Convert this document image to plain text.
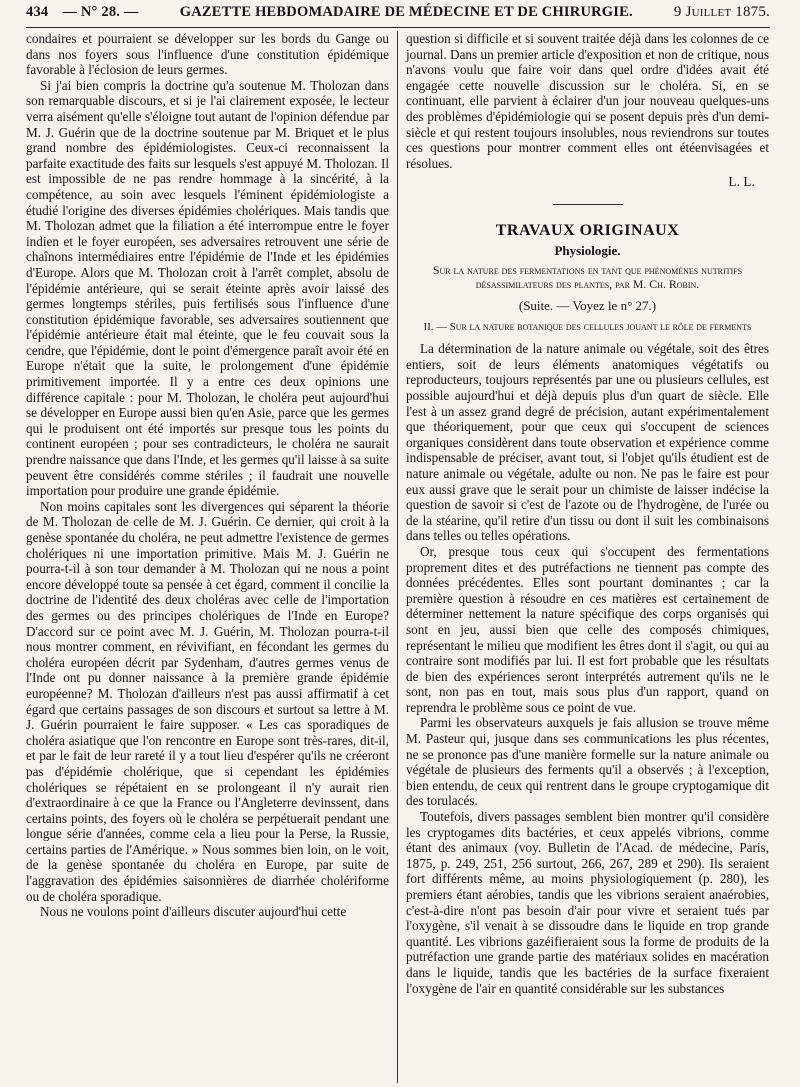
434 — N° 28. —	GAZETTE HEBDOMADAIRE DE MÉDECINE ET DE CHIRURGIE.	9 Juillet 1875.

condaires et pourraient se développer sur les bords du Gange ou dans nos foyers sous l'influence d'une constitution épidémique favorable à l'éclosion de leurs germes.

Si j'ai bien compris la doctrine qu'a soutenue M. Tholozan dans son remarquable discours, et si je l'ai clairement exposée, le lecteur verra aisément qu'elle s'éloigne tout autant de l'opinion défendue par M. J. Guérin que de la doctrine soutenue par M. Briquet et le plus grand nombre des épidémiologistes. Ceux-ci reconnaissent la parfaite exactitude des faits sur lesquels s'est appuyé M. Tholozan. Il est impossible de ne pas rendre hommage à la sincérité, à la compétence, au soin avec lesquels l'éminent épidémiologiste a étudié l'origine des diverses épidémies cholériques. Mais tandis que M. Tholozan admet que la filiation a été interrompue entre le foyer indien et le foyer européen, ses adversaires retrouvent une série de chaînons intermédiaires entre l'épidémie de l'Inde et les épidémies d'Europe. Alors que M. Tholozan croit à l'arrêt complet, absolu de l'épidémie antérieure, qui se serait éteinte après avoir laissé des germes longtemps stériles, puis fertilisés sous l'influence d'une constitution épidémique favorable, ses adversaires soutiennent que l'épidémie antérieure était mal éteinte, que le feu couvait sous la cendre, que l'épidémie, dont le point d'émergence paraît avoir été en Europe n'était que la suite, le prolongement d'une épidémie primitivement importée. Il y a entre ces deux opinions une différence capitale : pour M. Tholozan, le choléra peut aujourd'hui se développer en Europe aussi bien qu'en Asie, parce que les germes qui le produisent ont été importés sur presque tous les points du continent européen ; pour ses contradicteurs, le choléra ne saurait prendre naissance que dans l'Inde, et les germes qu'il laisse à sa suite peuvent être considérés comme stériles ; il faudrait une nouvelle importation pour produire une grande épidémie.

Non moins capitales sont les divergences qui séparent la théorie de M. Tholozan de celle de M. J. Guérin. Ce dernier, qui croit à la genèse spontanée du choléra, ne peut admettre l'existence de germes cholériques ni une importation primitive. Mais M. J. Guérin ne pourra-t-il à son tour demander à M. Tholozan qui ne nous a point encore développé toute sa pensée à cet égard, comment il concilie la doctrine de l'identité des deux choléras avec celle de l'importation des germes ou des principes cholériques de l'Inde en Europe? D'accord sur ce point avec M. J. Guérin, M. Tholozan pourra-t-il nous montrer comment, en révivifiant, en fécondant les germes du choléra européen décrit par Sydenham, d'autres germes venus de l'Inde ont pu donner naissance à la première grande épidémie européenne? M. Tholozan d'ailleurs n'est pas aussi affirmatif à cet égard que certains passages de son discours et surtout sa lettre à M. J. Guérin pourraient le faire supposer. « Les cas sporadiques de choléra asiatique que l'on rencontre en Europe sont très-rares, dit-il, et par le fait de leur rareté il y a tout lieu d'espérer qu'ils ne créeront pas d'épidémie cholérique, que si cependant les épidémies cholériques se répétaient en se prolongeant il n'y aurait rien d'extraordinaire à ce que la France ou l'Angleterre devinssent, dans certains points, des foyers où le choléra se perpétuerait pendant une longue série d'années, comme cela a lieu pour la Perse, la Russie, certains parties de l'Amérique. » Nous sommes bien loin, on le voit, de la genèse spontanée du choléra en Europe, par suite de l'aggravation des épidémies saisonnières de diarrhée cholériforme ou de choléra sporadique.

Nous ne voulons point d'ailleurs discuter aujourd'hui cette

question si difficile et si souvent traitée déjà dans les colonnes de ce journal. Dans un premier article d'exposition et non de critique, nous n'avons voulu que faire voir dans quel ordre d'idées avait été engagée cette nouvelle discussion sur le choléra. Si, en se continuant, elle parvient à éclairer d'un jour nouveau quelques-uns des problèmes d'épidémiologie qui se posent depuis près d'un demi-siècle et qui restent toujours insolubles, nous reviendrons sur toutes ces questions pour montrer comment elles ont étéenvisagées et résolues.

L. L.
TRAVAUX ORIGINAUX
Physiologie.
Sur la nature des fermentations en tant que phénomènes nutritifs désassimilateurs des plantes, par M. Ch. Robin.
(Suite. — Voyez le n° 27.)
II. — Sur la nature botanique des cellules jouant le rôle de ferments

La détermination de la nature animale ou végétale, soit des êtres entiers, soit de leurs éléments anatomiques végétatifs ou reproducteurs, toujours représentés par une ou plusieurs cellules, est possible aujourd'hui et déjà depuis plus d'un quart de siècle. Elle l'est à un assez grand degré de précision, autant expérimentalement que théoriquement, pour que ceux qui s'occupent de sciences organiques considèrent dans toute observation et expérience comme indispensable de préciser, avant tout, si l'objet qu'ils étudient est de nature animale ou végétale, adulte ou non. Ne pas le faire est pour eux aussi grave que le serait pour un chimiste de laisser indécise la question de savoir si c'est de l'azote ou de l'hydrogène, de l'urée ou de la stéarine, qu'il retire d'un tissu ou dont il suit les combinaisons dans telles ou telles opérations.

Or, presque tous ceux qui s'occupent des fermentations proprement dites et des putréfactions ne tiennent pas compte des données précédentes. Elles sont pourtant dominantes ; car la première question à résoudre en ces matières est certainement de déterminer nettement la nature spécifique des corps organisés qui sont en jeu, aussi bien que celle des composés chimiques, représentant le milieu que modifient les êtres dont il s'agit, ou qui au contraire sont modifiés par lui. Il est fort probable que les résultats de bien des expériences seront interprétés autrement qu'ils ne le sont, non pas en tout, mais sous plus d'un rapport, quand on reprendra le problème sous ce point de vue.

Parmi les observateurs auxquels je fais allusion se trouve même M. Pasteur qui, jusque dans ses communications les plus récentes, ne se prononce pas d'une manière formelle sur la nature animale ou végétale de plusieurs des ferments qu'il a observés ; à l'exception, bien entendu, de ceux qui rentrent dans le groupe cryptogamique dit des torulacés.

Toutefois, divers passages semblent bien montrer qu'il considère les cryptogames dits bactéries, et ceux appelés vibrions, comme étant des animaux (voy. Bulletin de l'Acad. de médecine, Paris, 1875, p. 249, 251, 256 surtout, 266, 267, 289 et 290). Ils seraient fort différents même, au moins physiologiquement (p. 280), les premiers étant aérobies, tandis que les vibrions seraient anaérobies, c'est-à-dire n'ont pas besoin d'air pour vivre et seraient tués par l'oxygène, s'il venait à se dissoudre dans le liquide en trop grande quantité. Les vibrions gazéifieraient sous la forme de produits de la putréfaction une grande partie des matériaux solides en macération dans le liquide, tandis que les bactéries de la surface fixeraient l'oxygène de l'air en quantité considérable sur les substances
